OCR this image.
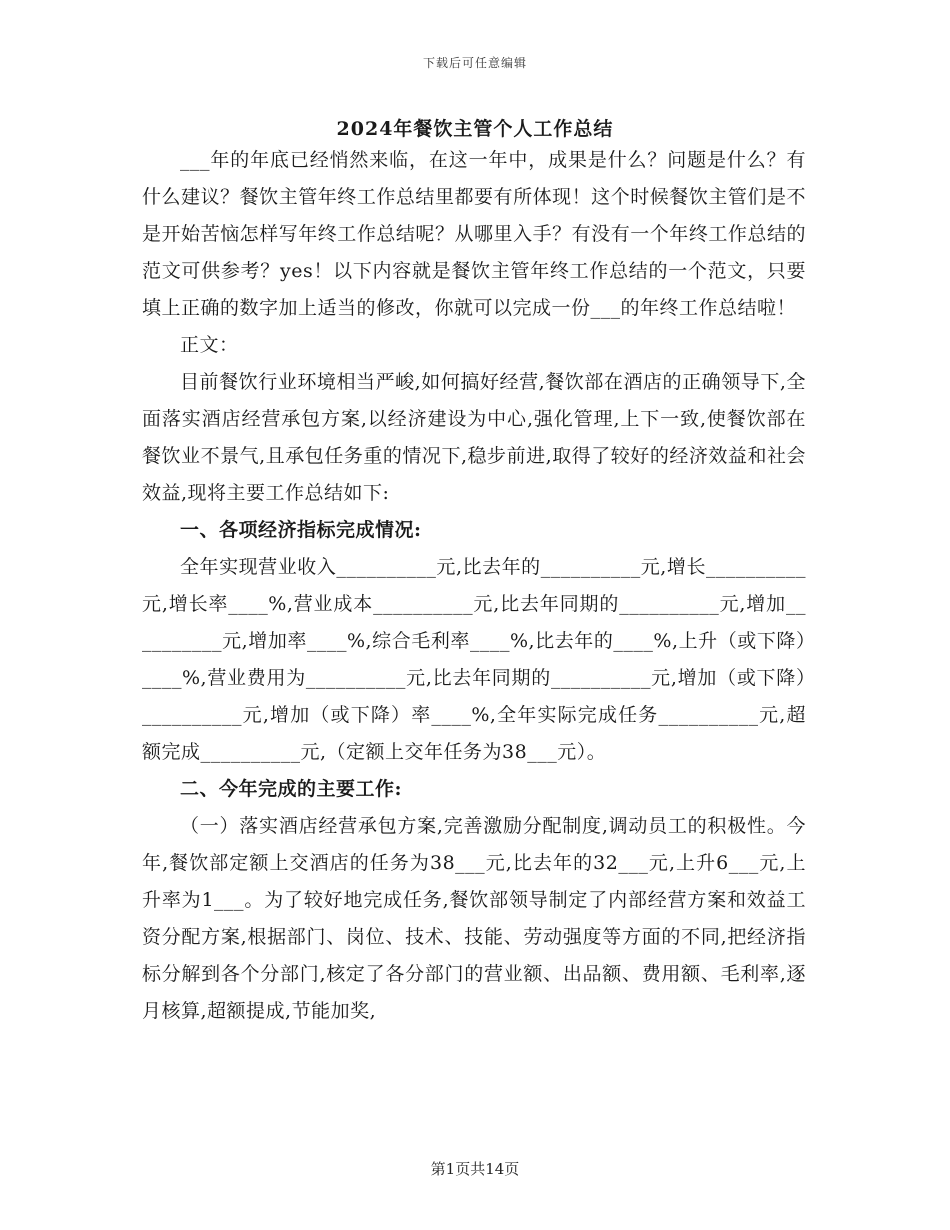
下载后可任意编辑
2024年餐饮主管个人工作总结

___年的年底已经悄然来临，在这一年中，成果是什么？问题是什么？有什么建议？餐饮主管年终工作总结里都要有所体现！这个时候餐饮主管们是不是开始苦恼怎样写年终工作总结呢？从哪里入手？有没有一个年终工作总结的范文可供参考？yes！以下内容就是餐饮主管年终工作总结的一个范文，只要填上正确的数字加上适当的修改，你就可以完成一份___的年终工作总结啦！

正文：

目前餐饮行业环境相当严峻,如何搞好经营,餐饮部在酒店的正确领导下,全面落实酒店经营承包方案,以经济建设为中心,强化管理,上下一致,使餐饮部在餐饮业不景气,且承包任务重的情况下,稳步前进,取得了较好的经济效益和社会效益,现将主要工作总结如下:

一、各项经济指标完成情况:

全年实现营业收入__________元,比去年的__________元,增长__________元,增长率____%,营业成本__________元,比去年同期的__________元,增加__________元,增加率____%,综合毛利率____%,比去年的____%,上升（或下降）____%,营业费用为__________元,比去年同期的__________元,增加（或下降）__________元,增加（或下降）率____%,全年实际完成任务__________元,超额完成__________元,（定额上交年任务为38___元）。

二、今年完成的主要工作:

（一）落实酒店经营承包方案,完善激励分配制度,调动员工的积极性。今年,餐饮部定额上交酒店的任务为38___元,比去年的32___元,上升6___元,上升率为1___。为了较好地完成任务,餐饮部领导制定了内部经营方案和效益工资分配方案,根据部门、岗位、技术、技能、劳动强度等方面的不同,把经济指标分解到各个分部门,核定了各分部门的营业额、出品额、费用额、毛利率,逐月核算,超额提成,节能加奖,

第1页共14页
